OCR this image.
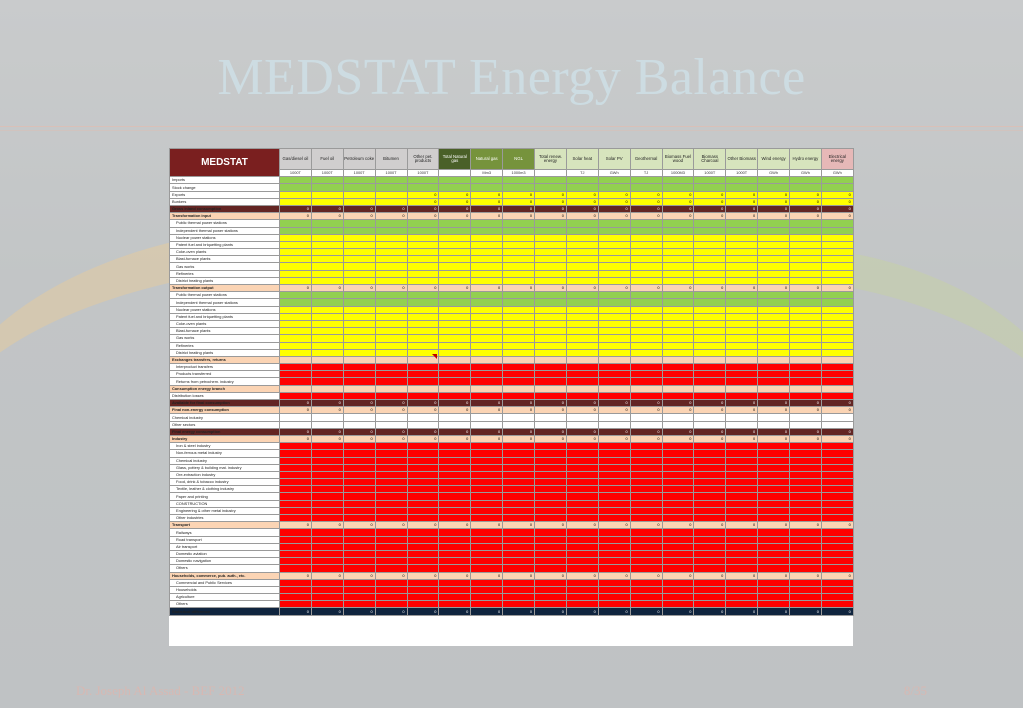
MEDSTAT Energy Balance
MEDSTAT	Gas/diesel oil	Fuel oil	Petroleum coke	Bitumen	Other pet. products	Total Natural gas	Natural gas	NGL	Total renew. energy	Solar heat	Solar PV	Geothermal	Biomass Fuel wood	Biomass Charcoal	Other Biomass	Wind energy	Hydro energy	Electrical energy
	1000T	1000T	1000T	1000T	1000T		Mm3	1000m3		TJ	GWh	TJ	1000M3	1000T	1000T	GWh	GWh	GWh
Imports																		
Stock change																		
Exports					0	0	0	0	0	0	0	0	0	0	0	0	0	0
Bunkers					0	0	0	0	0	0	0	0	0	0	0	0	0	0
Gross inland consumption	0	0	0	0	0	0	0	0	0	0	0	0	0	0	0	0	0	0
Transformation input	0	0	0	0	0	0	0	0	0	0	0	0	0	0	0	0	0	0
Public thermal power stations																		
Independent thermal power stations																		
Nuclear power stations																		
Patent fuel and briquetting plants																		
Coke-oven plants																		
Blast-furnace plants																		
Gas works																		
Refineries																		
District heating plants																		
Transformation output	0	0	0	0	0	0	0	0	0	0	0	0	0	0	0	0	0	0
Public thermal power stations																		
Independent thermal power stations																		
Nuclear power stations																		
Patent fuel and briquetting plants																		
Coke-oven plants																		
Blast-furnace plants																		
Gas works																		
Refineries																		
District heating plants																		
Exchanges transfers, returns																		
Interproduct transfers																		
Products transferred																		
Returns from petrochem. industry																		
Consumption energy branch																		
Distribution losses																		
Available for final consumption	0	0	0	0	0	0	0	0	0	0	0	0	0	0	0	0	0	0
Final non-energy consumption	0	0	0	0	0	0	0	0	0	0	0	0	0	0	0	0	0	0
Chemical industry																		
Other sectors																		
Final energy consumption	0	0	0	0	0	0	0	0	0	0	0	0	0	0	0	0	0	0
Industry	0	0	0	0	0	0	0	0	0	0	0	0	0	0	0	0	0	0
Iron & steel industry																		
Non-ferrous metal industry																		
Chemical industry																		
Glass, pottery & building mat. industry																		
Ore-extraction industry																		
Food, drink & tobacco industry																		
Textile, leather & clothing industry																		
Paper and printing																		
CONSTRUCTION																		
Engineering & other metal industry																		
Other industries																		
Transport	0	0	0	0	0	0	0	0	0	0	0	0	0	0	0	0	0	0
Railways																		
Road transport																		
Air transport																		
Domestic aviation																		
Domestic navigation																		
Others																		
Households, commerce, pub. auth., etc.	0	0	0	0	0	0	0	0	0	0	0	0	0	0	0	0	0	0
Commercial and Public Services																		
Households																		
Agriculture																		
Others																		
Statistical difference	0	0	0	0	0	0	0	0	0	0	0	0	0	0	0	0	0	0
Dr. Joseph Al Assad - BEF 2012	8/35
